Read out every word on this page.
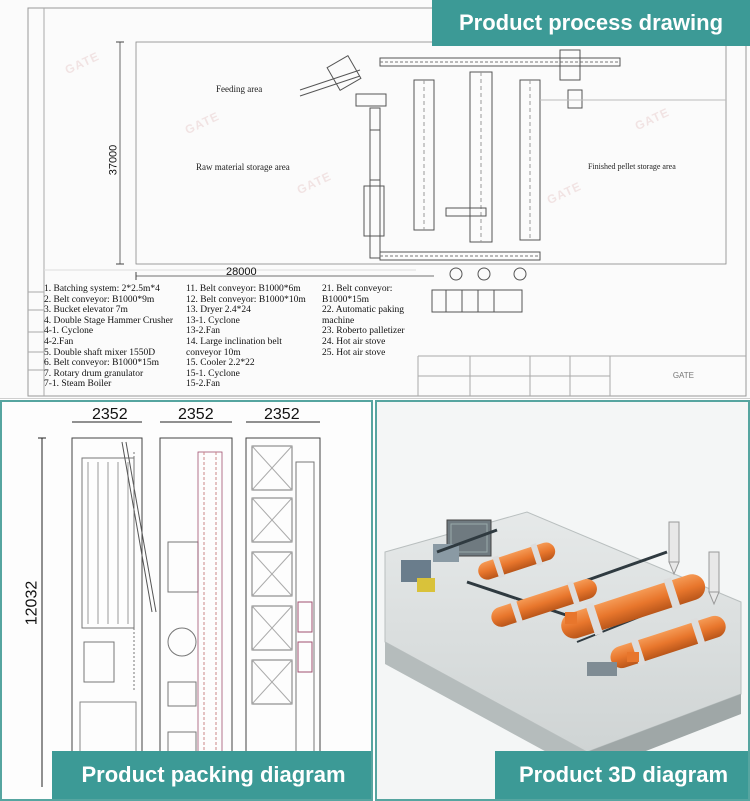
GATE
GATE	GATE
GATE	GATE
Feeding area
Raw material storage area	Finished pellet storage area
28000
37000
GATE
1. Batching system: 2*2.5m*4
2. Belt conveyor: B1000*9m
3. Bucket elevator 7m
4. Double Stage Hammer Crusher
4-1. Cyclone
4-2.Fan
5. Double shaft mixer 1550D
6. Belt conveyor: B1000*15m
7. Rotary drum granulator
7-1. Steam Boiler
11. Belt conveyor: B1000*6m
12. Belt conveyor: B1000*10m
13. Dryer 2.4*24
13-1. Cyclone
13-2.Fan
14. Large inclination belt
conveyor 10m
15. Cooler 2.2*22
15-1. Cyclone
15-2.Fan
21. Belt conveyor:
B1000*15m
22. Automatic paking
machine
23. Roberto palletizer
24. Hot air stove
25. Hot air stove
Product process drawing
2352	2352	2352
12032
Product packing diagram	Product 3D diagram
